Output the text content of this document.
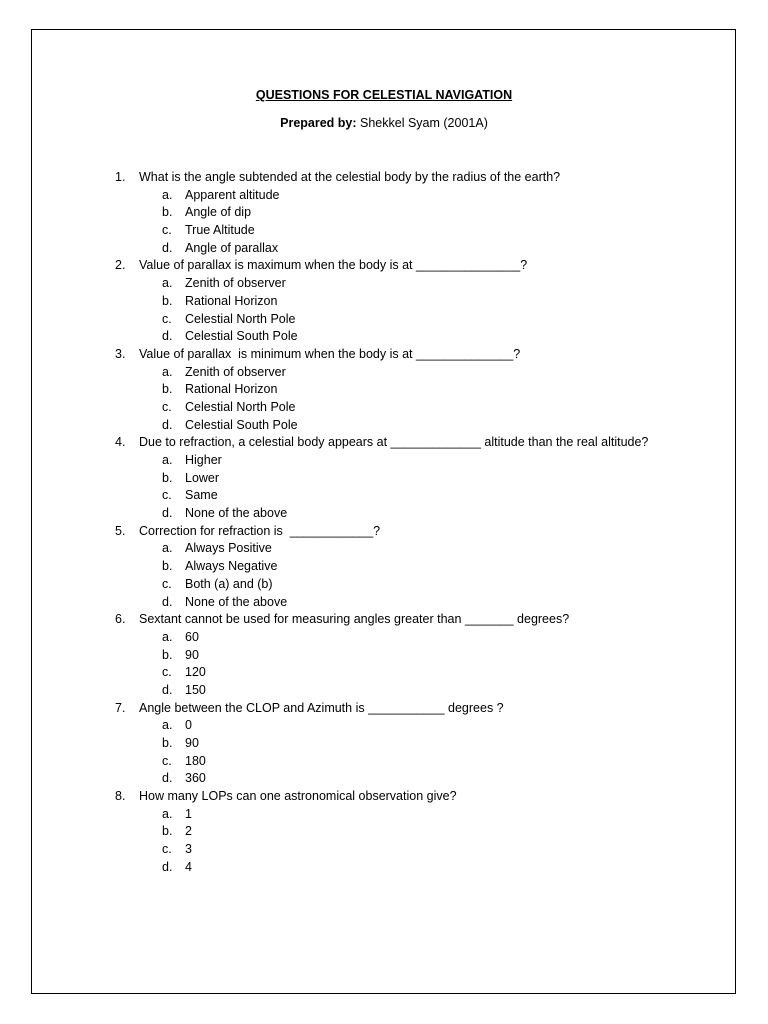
QUESTIONS FOR CELESTIAL NAVIGATION
Prepared by: Shekkel Syam (2001A)
1.	What is the angle subtended at the celestial body by the radius of the earth?
a.	Apparent altitude
b.	Angle of dip
c.	True Altitude
d.	Angle of parallax
2.	Value of parallax is maximum when the body is at _______________?
a.	Zenith of observer
b.	Rational Horizon
c.	Celestial North Pole
d.	Celestial South Pole
3.	Value of parallax  is minimum when the body is at ______________?
a.	Zenith of observer
b.	Rational Horizon
c.	Celestial North Pole
d.	Celestial South Pole
4.	Due to refraction, a celestial body appears at _____________ altitude than the real altitude?
a.	Higher
b.	Lower
c.	Same
d.	None of the above
5.	Correction for refraction is  ____________?
a.	Always Positive
b.	Always Negative
c.	Both (a) and (b)
d.	None of the above
6.	Sextant cannot be used for measuring angles greater than _______ degrees?
a.	60
b.	90
c.	120
d.	150
7.	Angle between the CLOP and Azimuth is ___________ degrees ?
a.	0
b.	90
c.	180
d.	360
8.	How many LOPs can one astronomical observation give?
a.	1
b.	2
c.	3
d.	4
